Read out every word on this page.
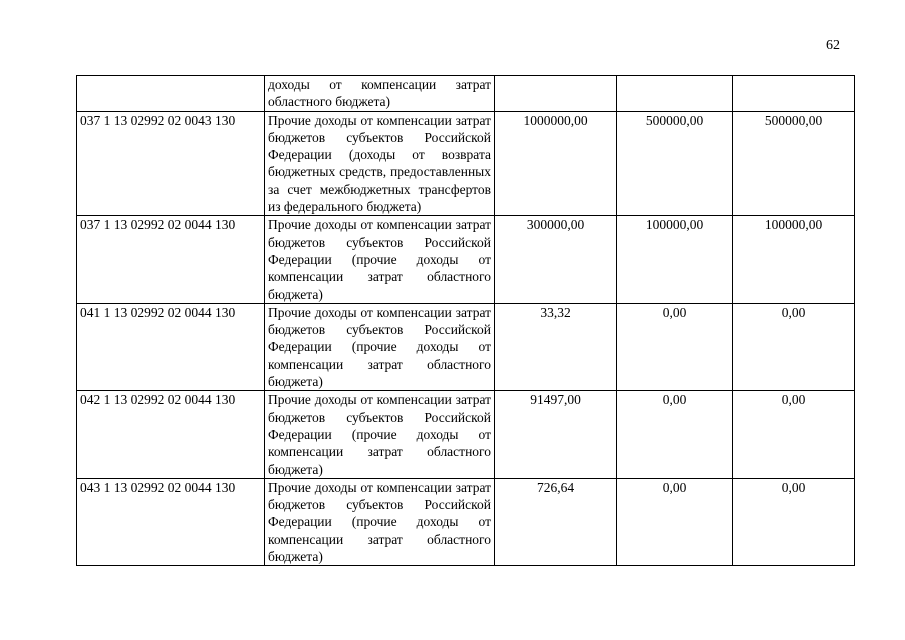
62
	доходы от компенсации затрат областного бюджета)			
037 1 13 02992 02 0043 130	Прочие доходы от компенсации затрат бюджетов субъектов Российской Федерации (доходы от возврата бюджетных средств, предоставленных за счет межбюджетных трансфертов из федерального бюджета)	1000000,00	500000,00	500000,00
037 1 13 02992 02 0044 130	Прочие доходы от компенсации затрат бюджетов субъектов Российской Федерации (прочие доходы от компенсации затрат областного бюджета)	300000,00	100000,00	100000,00
041 1 13 02992 02 0044 130	Прочие доходы от компенсации затрат бюджетов субъектов Российской Федерации (прочие доходы от компенсации затрат областного бюджета)	33,32	0,00	0,00
042 1 13 02992 02 0044 130	Прочие доходы от компенсации затрат бюджетов субъектов Российской Федерации (прочие доходы от компенсации затрат областного бюджета)	91497,00	0,00	0,00
043 1 13 02992 02 0044 130	Прочие доходы от компенсации затрат бюджетов субъектов Российской Федерации (прочие доходы от компенсации затрат областного бюджета)	726,64	0,00	0,00
